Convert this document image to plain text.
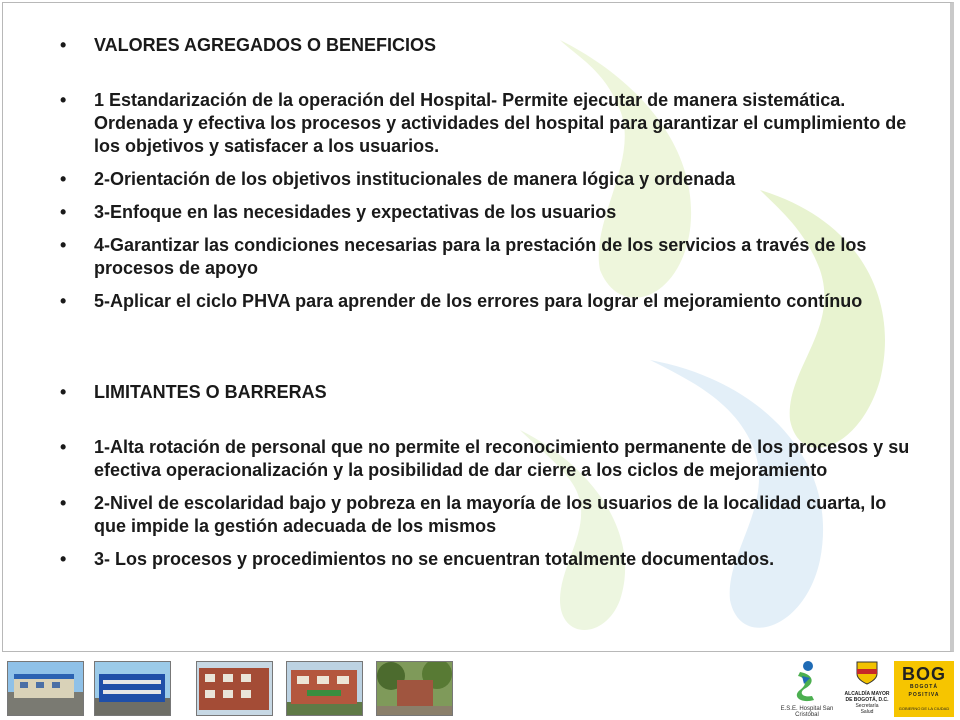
• VALORES AGREGADOS O BENEFICIOS
• 1 Estandarización de la operación del Hospital- Permite ejecutar de manera sistemática. Ordenada y efectiva los procesos y actividades del hospital para garantizar el cumplimiento de los objetivos y satisfacer a los usuarios.
• 2-Orientación de los objetivos institucionales de manera lógica y ordenada
• 3-Enfoque en las necesidades y expectativas de los usuarios
• 4-Garantizar las condiciones necesarias para la prestación de los servicios a través de los procesos de apoyo
• 5-Aplicar el ciclo PHVA para aprender de los errores para lograr el mejoramiento contínuo
• LIMITANTES O BARRERAS
• 1-Alta rotación de personal que no permite el reconocimiento permanente de los procesos y su efectiva operacionalización y la posibilidad de dar cierre a los ciclos de mejoramiento
• 2-Nivel de escolaridad bajo y pobreza en la mayoría de los usuarios de la localidad cuarta, lo que impide la gestión adecuada de los mismos
• 3- Los procesos y procedimientos no se encuentran totalmente documentados.
E.S.E. Hospital San Cristóbal
ALCALDÍA MAYOR
DE BOGOTÁ, D.C.
Secretaría
Salud
BOG
BOGOTÁ POSITIVA
GOBIERNO DE LA CIUDAD
